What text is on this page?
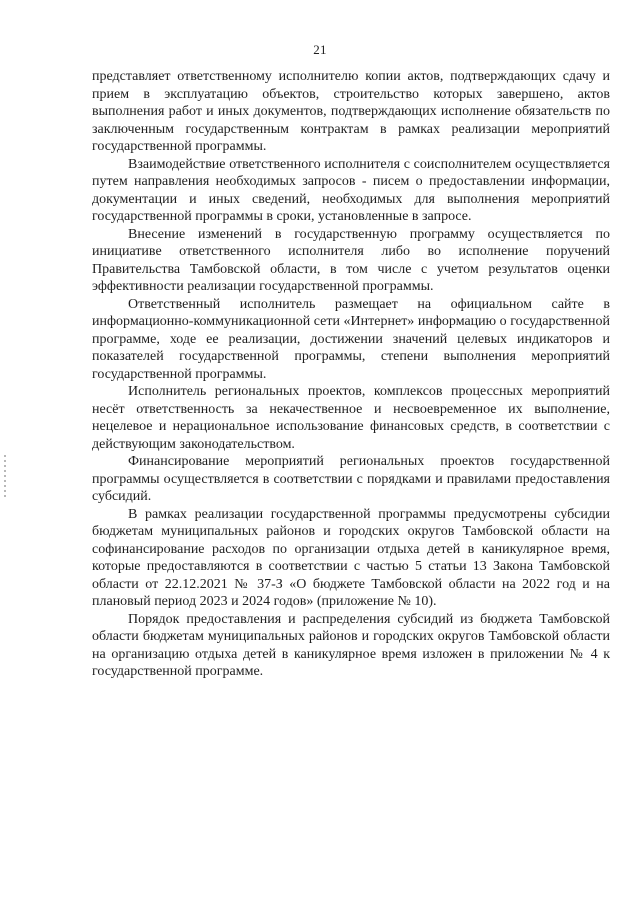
21

представляет ответственному исполнителю копии актов, подтверждающих сдачу и прием в эксплуатацию объектов, строительство которых завершено, актов выполнения работ и иных документов, подтверждающих исполнение обязательств по заключенным государственным контрактам в рамках реализации мероприятий государственной программы.

Взаимодействие ответственного исполнителя с соисполнителем осуществляется путем направления необходимых запросов - писем о предоставлении информации, документации и иных сведений, необходимых для выполнения мероприятий государственной программы в сроки, установленные в запросе.

Внесение изменений в государственную программу осуществляется по инициативе ответственного исполнителя либо во исполнение поручений Правительства Тамбовской области, в том числе с учетом результатов оценки эффективности реализации государственной программы.

Ответственный исполнитель размещает на официальном сайте в информационно-коммуникационной сети «Интернет» информацию о государственной программе, ходе ее реализации, достижении значений целевых индикаторов и показателей государственной программы, степени выполнения мероприятий государственной программы.

Исполнитель региональных проектов, комплексов процессных мероприятий несёт ответственность за некачественное и несвоевременное их выполнение, нецелевое и нерациональное использование финансовых средств, в соответствии с действующим законодательством.

Финансирование мероприятий региональных проектов государственной программы осуществляется в соответствии с порядками и правилами предоставления субсидий.

В рамках реализации государственной программы предусмотрены субсидии бюджетам муниципальных районов и городских округов Тамбовской области на софинансирование расходов по организации отдыха детей в каникулярное время, которые предоставляются в соответствии с частью 5 статьи 13 Закона Тамбовской области от 22.12.2021 № 37-З «О бюджете Тамбовской области на 2022 год и на плановый период 2023 и 2024 годов» (приложение № 10).

Порядок предоставления и распределения субсидий из бюджета Тамбовской области бюджетам муниципальных районов и городских округов Тамбовской области на организацию отдыха детей в каникулярное время изложен в приложении № 4 к государственной программе.
